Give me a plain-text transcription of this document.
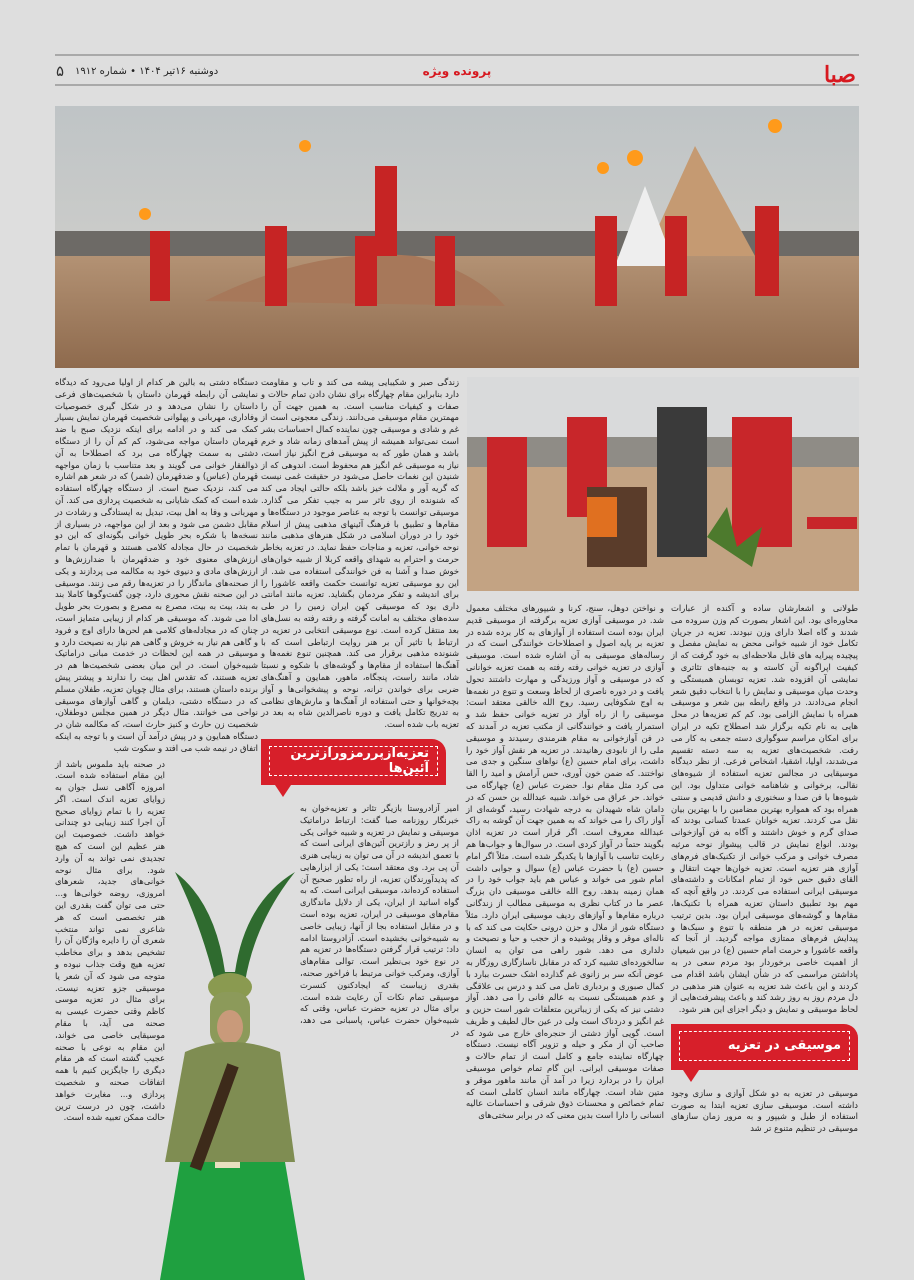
صبا
پرونده ویژه
دوشنبه ۱۶تیر ۱۴۰۴ • شماره ۱۹۱۲
۵

طولانی و اشعارشان ساده و آکنده از عبارات محاوره‌ای بود. این اشعار بصورت کم وزن سروده می شدند و گاه اصلا دارای وزن نبودند. تعزیه در جریان تکامل خود از شبیه خوانی محض به نمایش مفصل و پیچیده پیرایه های قابل ملاحظه‌ای به خود گرفت که از کیفیت اپراگونه آن کاسته و به جنبه‌های تئاتری و نمایشی آن افزوده شد. تعزیه توبسان همبستگی و وحدت میان موسیقی و نمایش را با انتخاب دقیق شعر انجام می‌دادند. در واقع رابطه بین شعر و موسیقی همراه با نمایش الزامی بود. کم کم تعزیه‌ها در محل هایی به نام تکیه برگزار شد اصطلاح تکیه در ایران برای امکان مراسم سوگواری دسته جمعی به کار می رفت. شخصیت‌های تعزیه به سه دسته تقسیم می‌شدند، اولیا، اشقیا، اشخاص فرعی. از نظر دیدگاه موسیقایی در مجالس تعزیه استفاده از شیوه‌های نقالی، برخوانی و شاهنامه خوانی متداول بود. این شیوه‌ها با فن صدا و سخنوری و دانش قدیمی و سنتی همراه بود که همواره بهترین مضامین را با بهترین بیان نقل می کردند. تعزیه خوانان عمدتا کسانی بودند که صدای گرم و خوش داشتند و آگاه به فن آوازخوانی بودند. انواع نمایش در قالب پیشواز نوحه مرثیه مصرف خوانی و مرکب خوانی از تکنیک‌های فرم‌های آوازی هنر تعزیه است. تعزیه خوان‌ها جهت انتقال و القای دقیق حس خود از تمام امکانات و داشته‌های موسیقی ایرانی استفاده می کردند. در واقع آنچه که مهم بود تطبیق داستان تعزیه همراه با تکنیک‌ها، مقام‌ها و گوشه‌های موسیقی ایران بود. بدین ترتیب موسیقی تعزیه در هر منطقه با تنوع و سبک‌ها و پیدایش فرم‌های ممتازی مواجه گردید. از آنجا که واقعه عاشورا و حرمت امام حسین (ع) در بین شیعیان از اهمیت خاصی برخوردار بود مردم سعی در به پاداشتن مراسمی که در شأن ایشان باشد اقدام می کردند و این باعث شد تعزیه به عنوان هنر مذهبی در دل مردم روز به روز رشد کند و باعث پیشرفت‌هایی از لحاظ موسیقی و نمایش و دیگر اجزای این هنر شود.

موسیقی در تعزیه

موسیقی در تعزیه به دو شکل آوازی و سازی وجود داشته است. موسیقی سازی تعزیه ابتدا به صورت استفاده از طبل و شیپور و به مرور زمان سازهای موسیقی در تنظیم متنوع تر شد

و نواختن دوهل، سنج، کرنا و شیپورهای مختلف معمول شد. در موسیقی آوازی تعزیه برگرفته از موسیقی قدیم ایران بوده است استفاده از آوازهای به کار برده شده در تعزیه بر پایه اصول و اصطلاحات خوانندگی است که در رساله‌های موسیقی به آن اشاره شده است. موسیقی آوازی در تعزیه خوانی رفته رفته به همت تعزیه خوانانی که در موسیقی و آواز ورزیدگی و مهارت داشتند تحول یافت و در دوره ناصری از لحاظ وسعت و تنوع در نغمه‌ها به اوج شکوفایی رسید. روح الله خالقی معتقد است: موسیقی را از راه آواز در تعزیه خوانی حفظ شد و استمرار یافت و خوانندگانی از مکتب تعزیه در آمدند که در فن آوازخوانی به مقام هنرمندی رسیدند و موسیقی ملی را از نابودی رهانیدند. در تعزیه هر نقش آواز خود را داشت، برای امام حسین (ع) نواهای سنگین و جدی می نواختند. که ضمن خون آوری، حس آرامش و امید را القا می کرد مثل مقام نوا. حضرت عباس (ع) چهارگاه می خواند. حر عراق می خواند. شبیه عبدالله بن حسن که در دامان شاه شهیدان به درجه شهادت رسید، گوشه‌ای از آواز راک را می خواند که به همین جهت آن گوشه به راک عبدالله معروف است. اگر قرار است در تعزیه اذان بگویند حتماً در آواز کردی است. در سوال‌ها و جواب‌ها هم رعایت تناسب با آوازها با یکدیگر شده است. مثلاً اگر امام حسین (ع) با حضرت عباس (ع) سوال و جوابی داشت امام شور می خواند و عباس هم باید جواب خود را در همان زمینه بدهد. روح الله خالقی موسیقی دان بزرگ عصر ما در کتاب نظری به موسیقی مطالب از زندگانی درباره مقام‌ها و آوازهای ردیف موسیقی ایران دارد. مثلاً دستگاه شور از ملال و حزن درونی حکایت می کند که با ناله‌ای موقر و وقار پوشیده و از حجب و حیا و نصیحت و دلداری می دهد. شور راهی می توان به انسان سالخورده‌ای تشبیه کرد که در مقابل ناسازگاری روزگار به عوض آنکه سر بر زانوی غم گذارده اشک حسرت ببارد با کمال صبوری و بردباری تامل می کند و درس بی علاقگی و عدم همبستگی نسبت به عالم فانی را می دهد. آواز دشتی نیز که یکی از زیباترین متعلقات شور است حزین و غم انگیز و دردناک است ولی در عین حال لطیف و ظریف است. گویی آواز دشتی از حنجره‌ای خارج می شود که صاحب آن از مکر و حیله و تزویر آگاه نیست. دستگاه چهارگاه نماینده جامع و کامل است از تمام حالات و صفات موسیقی ایرانی. این گام تمام خواص موسیقی ایران را در بردارد زیرا در آمد آن مانند ماهور موقر و متین شاد است. چهارگاه مانند انسان کاملی است که تمام خصائص و محسنات ذوق شرقی و احساسات عالیه انسانی را دارا است بدین معنی که در برابر سختی‌های

زندگی صبر و شکیبایی پیشه می کند و تاب و مقاومت دارد بنابراین مقام چهارگاه برای نشان دادن تمام حالات و صفات و کیفیات مناسب است. به همین جهت آن را مهمترین مقام موسیقی می‌دانند. زندگی معجونی است از غم و شادی و موسیقی چون نماینده کمال احساسات بشر است نمی‌تواند همیشه از پیش آمدهای زمانه شاد و خرم باشد و همان طور که به موسیقی فرح انگیز نیاز است، نیاز به موسیقی غم انگیز هم محفوظ است. اندوهی که از شنیدن این نغمات حاصل می‌شود در حقیقت غمی نیست که گریه آور و ملالت خیز باشد بلکه حالتی ایجاد می کند که شنونده از روی تاثر سر به جیب تفکر می گذارد. موسیقی توانست با توجه به عناصر موجود در دستگاه‌ها و مقام‌ها و تطبیق با فرهنگ آئینهای مذهبی پیش از اسلام خود را در دوران اسلامی در شکل هنرهای مذهبی مانند نوحه خوانی، تعزیه و مناجات حفظ نماید. در تعزیه بخاطر حرمت و احترام به شهدای واقعه کربلا از شبیه خوان‌های خوش صدا و آشنا به فن خوانندگی استفاده می شد. از این رو موسیقی تعزیه توانست حکمت واقعه عاشورا را برای اندیشه و تفکر مردمان بگشاید. تعزیه مانند امانتی داری بود که موسیقی کهن ایران زمین را در طی سده‌های مختلف به امانت گرفته و رفته رفته به نسل‌های بعد منتقل کرده است. نوع موسیقی انتخابی در تعزیه در ارتباط با تاثیر آن بر هنر روایت ارتباطی است که با شنونده مذهبی برقرار می کند. همچنین تنوع نغمه‌ها و آهنگ‌ها استفاده از مقام‌ها و گوشه‌های با شکوه و نسبتا شاد، مانند راست، پنجگاه، ماهور، همایون و آهنگ‌های ضربی برای خواندن ترانه، نوحه و پیشخوانی‌ها و آواز بچه‌خوانها و حتی استفاده از آهنگ‌ها و مارش‌های نظامی به تدریج تکامل یافت و دوره ناصرالدین شاه به بعد در تعزیه باب شده است.

تعزیه‌ازپررمزورازترین آئین‌ها

امیر آزادروستا بازیگر تئاتر و تعزیه‌خوان به خبرنگار روزنامه صبا گفت: ارتباط دراماتیک موسیقی و نمایش در تعزیه و شبیه خوانی یکی از پر رمز و رازترین آئین‌های ایرانی است که با تعمق اندیشه در آن می توان به زیبایی هنری آن پی برد. وی معتقد است: یکی از ابزارهایی که پدیدآورندگان تعزیه، از راه تطور صحیح آن استفاده کرده‌اند، موسیقی ایرانی است. که به گواه اساتید از ایران، یکی از دلایل ماندگاری مقام‌های موسیقی در ایران، تعزیه بوده است و در مقابل استفاده بجا از آنها، زیبایی خاصی به شبیه‌خوانی بخشیده است. آزادروستا ادامه داد: ترتیب قرار گرفتن دستگاه‌ها در تعزیه هم در نوع خود بی‌نظیر است. توالی مقام‌های آوازی، ومرکب خوانی مرتبط با فراخور صحنه، بقدری زیباست که ایجادکنون کنسرت موسیقی تمام نکات آن رعایت شده است. برای مثال در تعزیه حضرت عباس، وقتی که شبیه‌خوان حضرت عباس، پاسبانی می دهد، در

دستگاه دشتی به بالین هر کدام از اولیا می‌رود که دیدگاه نمایشی آن رابطه قهرمان داستان با شخصیت‌های فرعی داستان را نشان می‌دهد و در شکل گیری خصوصیات وفاداری، مهربانی و پهلوانی شخصیت قهرمان نمایش بسیار کمک می کند و در ادامه برای اینکه نزدیک صبح با ضد قهرمان داستان مواجه می‌شود، کم کم آن را از دستگاه دشتی به سمت چهارگاه می برد که اصطلاحا به آن ذوالفقار خوانی می گویند و بعد متناسب با زمان مواجهه قهرمان (عباس) و ضدقهرمان (شمر) که در شعر هم اشاره می کند، نزدیک صبح است. از دستگاه چهارگاه استفاده شده است که کمک شایانی به شخصیت پردازی می کند. آن مهربانی و وفا به اهل بیت، تبدیل به ایستادگی و رشادت در مقابل دشمن می شود و بعد از این مواجهه، در بسیاری از نسخه‌ها با شکره بحر طویل خوانی بگونه‌ای که این دو شخصیت در حال مجادله کلامی هستند و قهرمان با تمام ارزش‌های معنوی خود و ضدقهرمان با ضدارزش‌ها و ارزش‌های مادی و دنیوی خود به مکالمه می پردازند و یکی از صحنه‌های ماندگار را در تعزیه‌ها رقم می زنند. موسیقی در این صحنه نقش محوری دارد، چون گفت‌وگوها کاملا بند به بند، بیت به بیت، مصرع به مصرع و بصورت بحر طویل ادا می شوند. که موسیقی هر کدام از زیبایی متمایز است، چنان که در مجادله‌های کلامی هم لحن‌ها دارای اوج و فرود و گاهی هم نیاز به خروش و گاهی هم نیاز به نصیحت دارد و موسیقی در همه این لحظات در خدمت مبانی دراماتیک شبیه‌خوان است. در این میان بعضی شخصیت‌ها هم در تعزیه هستند، که تقدس اهل بیت را ندارند و پیشتر پیش برنده داستان هستند، برای مثال چوپان تعزیه، طفلان مسلم که در دستگاه دشتی، دیلمان و گاهی آوازهای موسیقی نواحی می خوانند. مثال دیگر در همین مجلس دوطفلان، شخصیت زن حارث و کنیز حارث است، که مکالمه شان در دستگاه همایون و در پیش درآمد آن است و با توجه به اینکه اتفاق در نیمه شب می افتد و سکوت شب

در صحنه باید ملموس باشد از این مقام استفاده شده است. امروزه آگاهی نسل جوان به زوایای تعزیه اندک است. اگر تعزیه را با تمام زوایای صحیح آن اجرا کنند زیبایی دو چندانی خواهد داشت. خصوصیت این هنر عظیم این است که هیچ تجدیدی نمی تواند به آن وارد شود. برای مثال نوحه خوانی‌های جدید، شعرهای امروزی، روضه خوانی‌ها و... حتی می توان گفت بقدری این هنر تخصصی است که هر شاعری نمی تواند منتخب شعری آن را دایره واژگان آن را تشخیص بدهد و برای مخاطب تعزیه هیچ وقت جذاب نبوده و متوجه می شود که آن شعر یا موسیقی جزو تعزیه نیست. برای مثال در تعزیه موسی کاظم وقتی حضرت عیسی به صحنه می آید، با مقام موسیقایی خاصی می خواند، این مقام به نوعی با صحنه عجیب گشته است که هر مقام دیگری را جایگزین کنیم با همه اتفاقات صحنه و شخصیت پردازی و... مغایرت خواهد داشت، چون در درست ترین حالت ممکن تعبیه شده است.
